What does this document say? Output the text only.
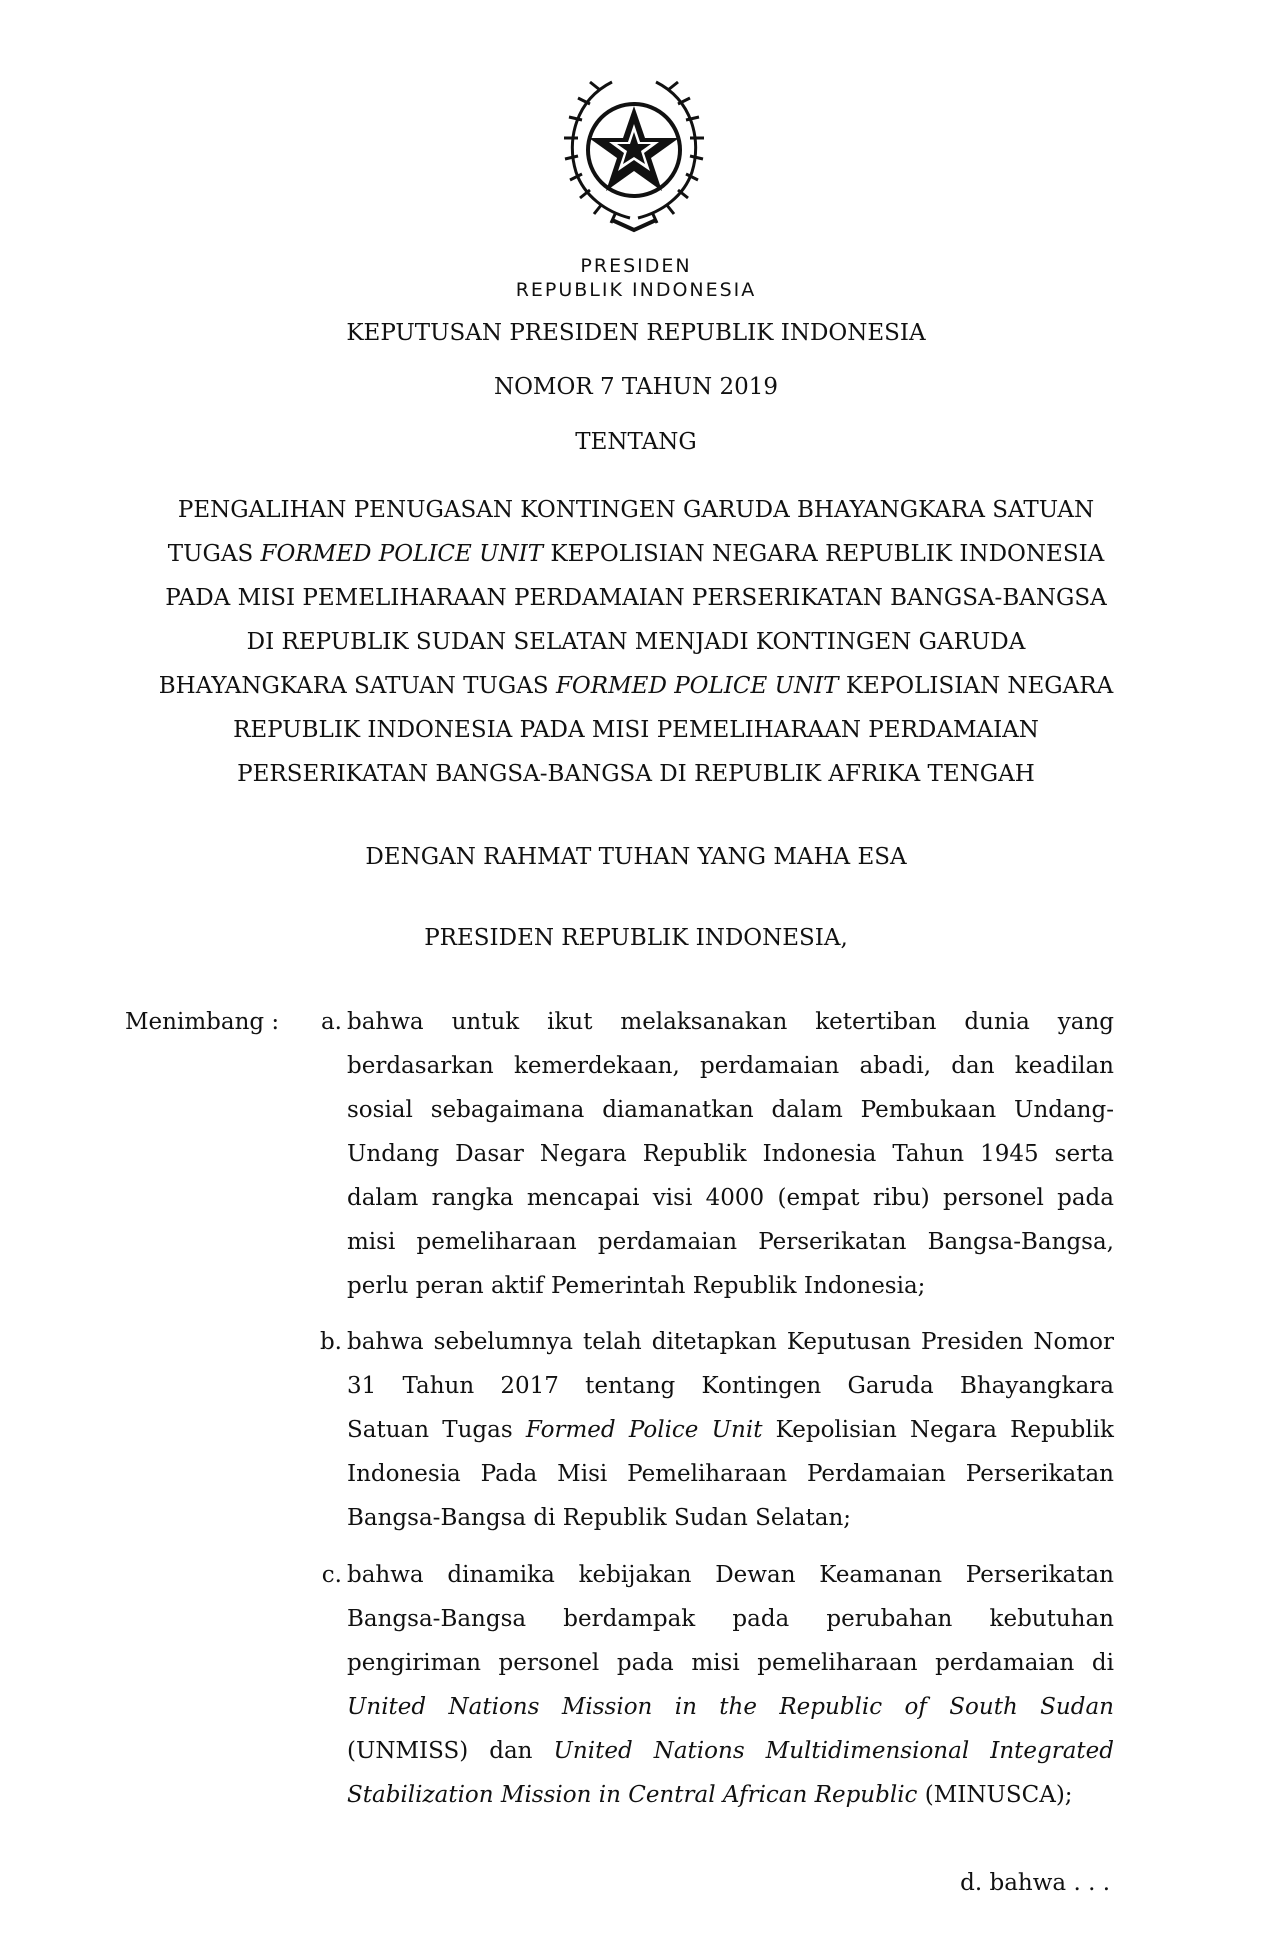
PRESIDEN
REPUBLIK INDONESIA
KEPUTUSAN PRESIDEN REPUBLIK INDONESIA
NOMOR 7 TAHUN 2019
TENTANG
PENGALIHAN PENUGASAN KONTINGEN GARUDA BHAYANGKARA SATUAN
TUGAS FORMED POLICE UNIT KEPOLISIAN NEGARA REPUBLIK INDONESIA
PADA MISI PEMELIHARAAN PERDAMAIAN PERSERIKATAN BANGSA-BANGSA
DI REPUBLIK SUDAN SELATAN MENJADI KONTINGEN GARUDA
BHAYANGKARA SATUAN TUGAS FORMED POLICE UNIT KEPOLISIAN NEGARA
REPUBLIK INDONESIA PADA MISI PEMELIHARAAN PERDAMAIAN
PERSERIKATAN BANGSA-BANGSA DI REPUBLIK AFRIKA TENGAH
DENGAN RAHMAT TUHAN YANG MAHA ESA
PRESIDEN REPUBLIK INDONESIA,
Menimbang :	a. bahwa untuk ikut melaksanakan ketertiban dunia yang
berdasarkan kemerdekaan, perdamaian abadi, dan keadilan
sosial sebagaimana diamanatkan dalam Pembukaan Undang-
Undang Dasar Negara Republik Indonesia Tahun 1945 serta
dalam rangka mencapai visi 4000 (empat ribu) personel pada
misi pemeliharaan perdamaian Perserikatan Bangsa-Bangsa,
perlu peran aktif Pemerintah Republik Indonesia;
b. bahwa sebelumnya telah ditetapkan Keputusan Presiden Nomor
31 Tahun 2017 tentang Kontingen Garuda Bhayangkara
Satuan Tugas Formed Police Unit Kepolisian Negara Republik
Indonesia Pada Misi Pemeliharaan Perdamaian Perserikatan
Bangsa-Bangsa di Republik Sudan Selatan;
c. bahwa dinamika kebijakan Dewan Keamanan Perserikatan
Bangsa-Bangsa berdampak pada perubahan kebutuhan
pengiriman personel pada misi pemeliharaan perdamaian di
United Nations Mission in the Republic of South Sudan
(UNMISS) dan United Nations Multidimensional Integrated
Stabilization Mission in Central African Republic (MINUSCA);
d. bahwa . . .
